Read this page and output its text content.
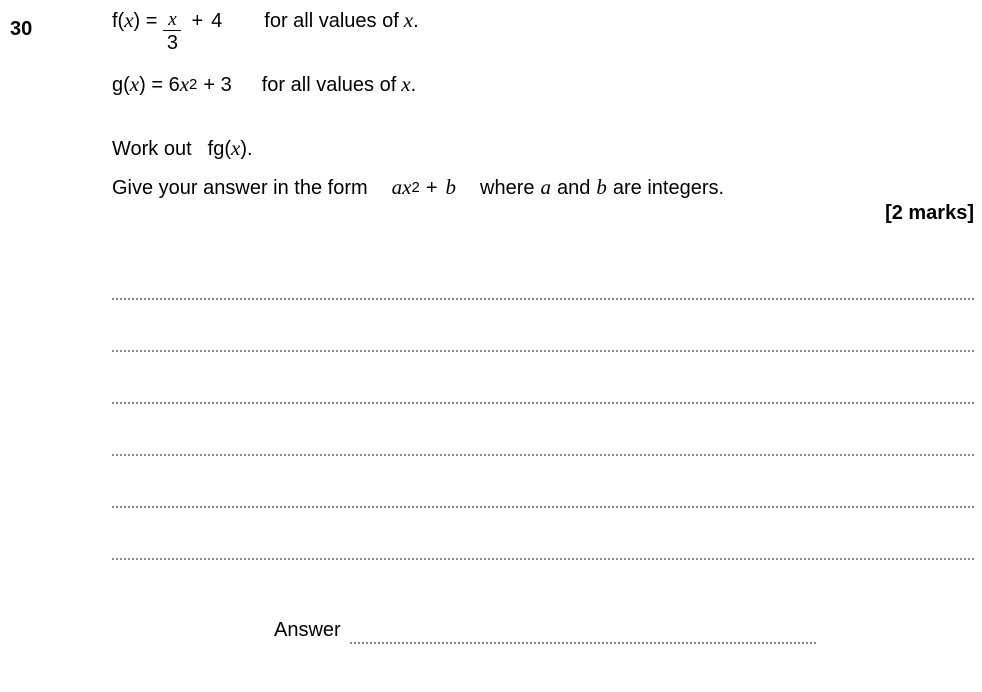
30	f( x ) = $\frac{x}{3} + 4$ for all values of x .
g( x ) = 6 $x^2 + 3$ for all values of x .
Work out fg( x ).
Give your answer in the form $ax^2 + b$ where a and b are integers.
[2 marks]
Answer
